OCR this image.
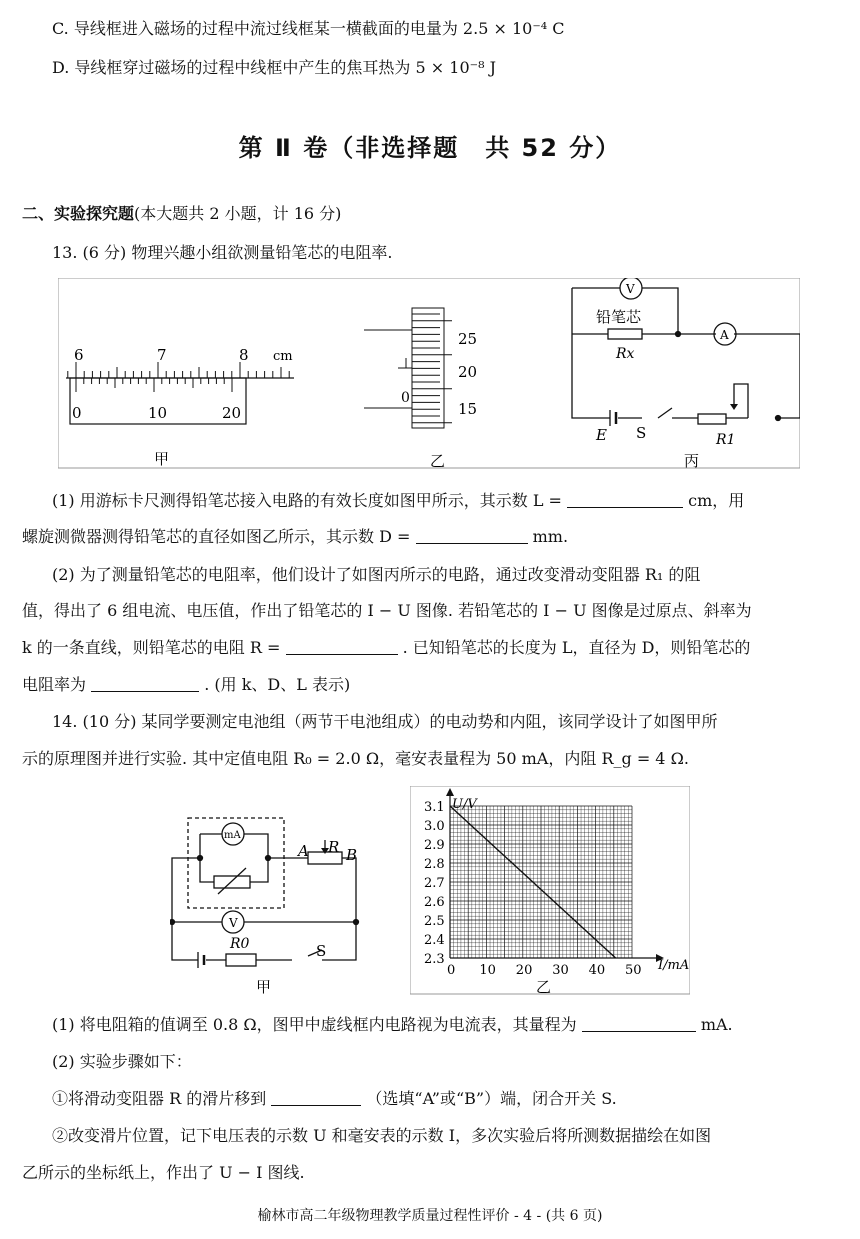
C. 导线框进入磁场的过程中流过线框某一横截面的电量为 2.5 × 10⁻⁴ C
D. 导线框穿过磁场的过程中线框中产生的焦耳热为 5 × 10⁻⁸ J
第 Ⅱ 卷（非选择题　共 52 分）
二、实验探究题(本大题共 2 小题，计 16 分)
13. (6 分) 物理兴趣小组欲测量铅笔芯的电阻率.
6	7	8 cm
0	10	20
甲
0
25
20
15
乙
V
A
铅笔芯
Rx
E S	R1
丙
(1) 用游标卡尺测得铅笔芯接入电路的有效长度如图甲所示，其示数 L =	cm，用
螺旋测微器测得铅笔芯的直径如图乙所示，其示数 D =	mm.
(2) 为了测量铅笔芯的电阻率，他们设计了如图丙所示的电路，通过改变滑动变阻器 R₁ 的阻
值，得出了 6 组电流、电压值，作出了铅笔芯的 I − U 图像. 若铅笔芯的 I − U 图像是过原点、斜率为
k 的一条直线，则铅笔芯的电阻 R =	. 已知铅笔芯的长度为 L，直径为 D，则铅笔芯的
电阻率为	. (用 k、D、L 表示)
14. (10 分) 某同学要测定电池组（两节干电池组成）的电动势和内阻，该同学设计了如图甲所
示的原理图并进行实验. 其中定值电阻 R₀ = 2.0 Ω，毫安表量程为 50 mA，内阻 R_g = 4 Ω.
mA
V
A R B
R0	S
甲
0 10 20 30 40 50
2.3
2.4
2.5
2.6
2.7
2.8
2.9
3.0
3.1
I/mA
U/V
乙
(1) 将电阻箱的值调至 0.8 Ω，图甲中虚线框内电路视为电流表，其量程为	mA.
(2) 实验步骤如下：
①将滑动变阻器 R 的滑片移到	（选填“A”或“B”）端，闭合开关 S.
②改变滑片位置，记下电压表的示数 U 和毫安表的示数 I，多次实验后将所测数据描绘在如图
乙所示的坐标纸上，作出了 U − I 图线.
榆林市高二年级物理教学质量过程性评价 - 4 - (共 6 页)
